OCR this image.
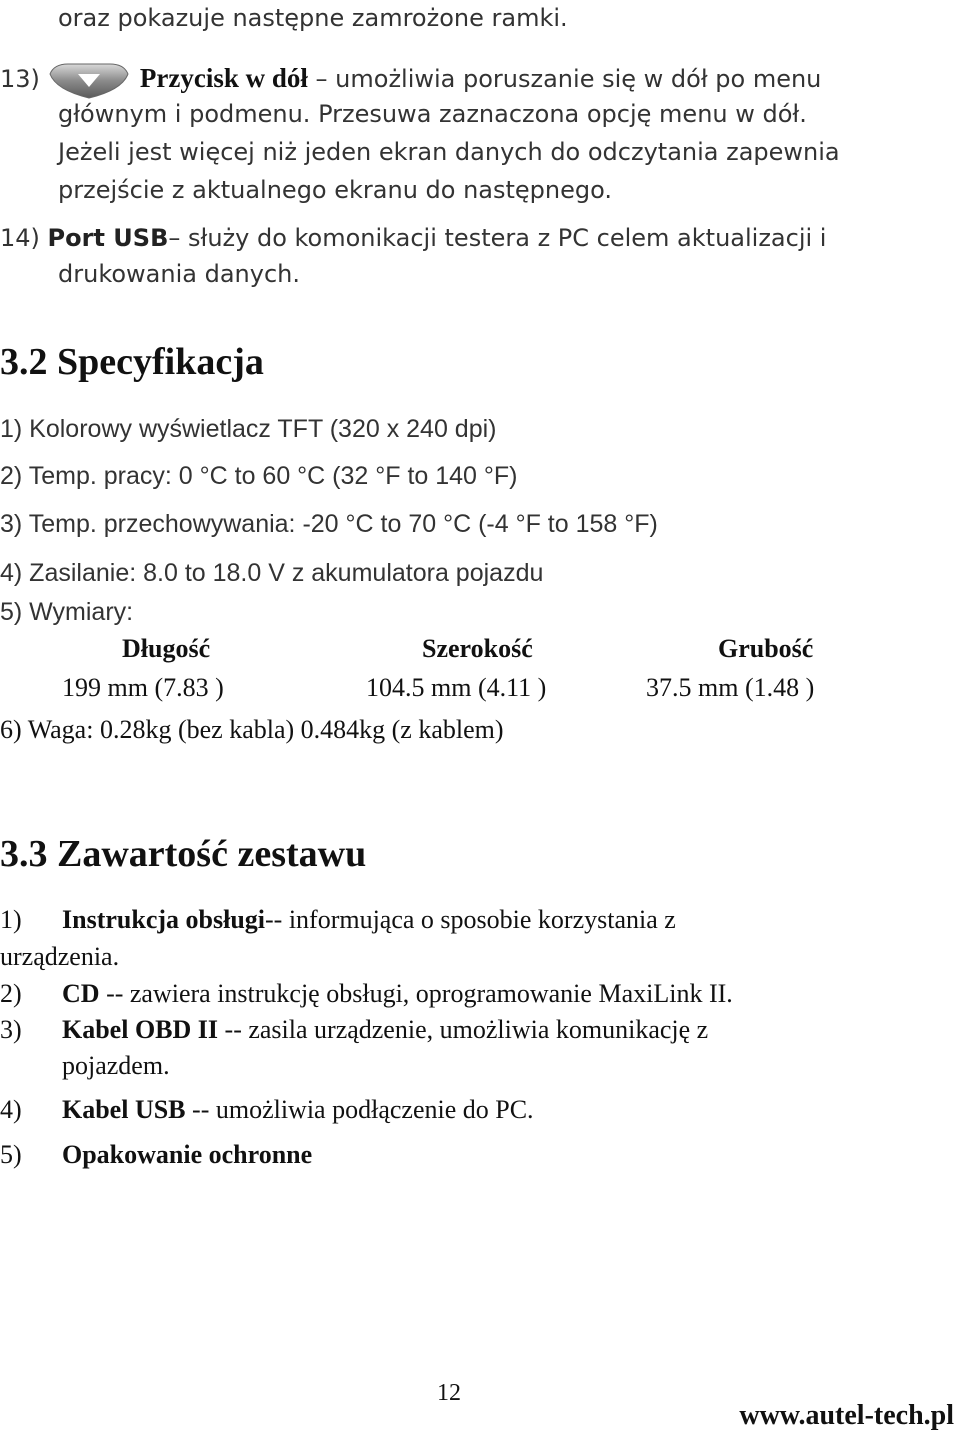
oraz pokazuje następne zamrożone ramki.
13)	Przycisk w dół – umożliwia poruszanie się w dół po menu
głównym i podmenu. Przesuwa zaznaczona opcję menu w dół.
Jeżeli jest więcej niż jeden ekran danych do odczytania zapewnia
przejście z aktualnego ekranu do następnego.
14) Port USB– służy do komonikacji testera z PC celem aktualizacji i
drukowania danych.
3.2 Specyfikacja
1) Kolorowy wyświetlacz TFT (320 x 240 dpi)
2) Temp. pracy: 0 °C to 60 °C (32 °F to 140 °F)
3) Temp. przechowywania: -20 °C to 70 °C (-4 °F to 158 °F)
4) Zasilanie: 8.0 to 18.0 V z akumulatora pojazdu
5) Wymiary:
Długość	Szerokość	Grubość
199 mm (7.83 )	104.5 mm (4.11 )	37.5 mm (1.48 )
6) Waga: 0.28kg (bez kabla) 0.484kg (z kablem)
3.3 Zawartość zestawu
1) Instrukcja obsługi-- informująca o sposobie korzystania z
urządzenia.
2) CD -- zawiera instrukcję obsługi, oprogramowanie MaxiLink II.
3) Kabel OBD II -- zasila urządzenie, umożliwia komunikację z
pojazdem.
4) Kabel USB -- umożliwia podłączenie do PC.
5) Opakowanie ochronne
12
www.autel-tech.pl
